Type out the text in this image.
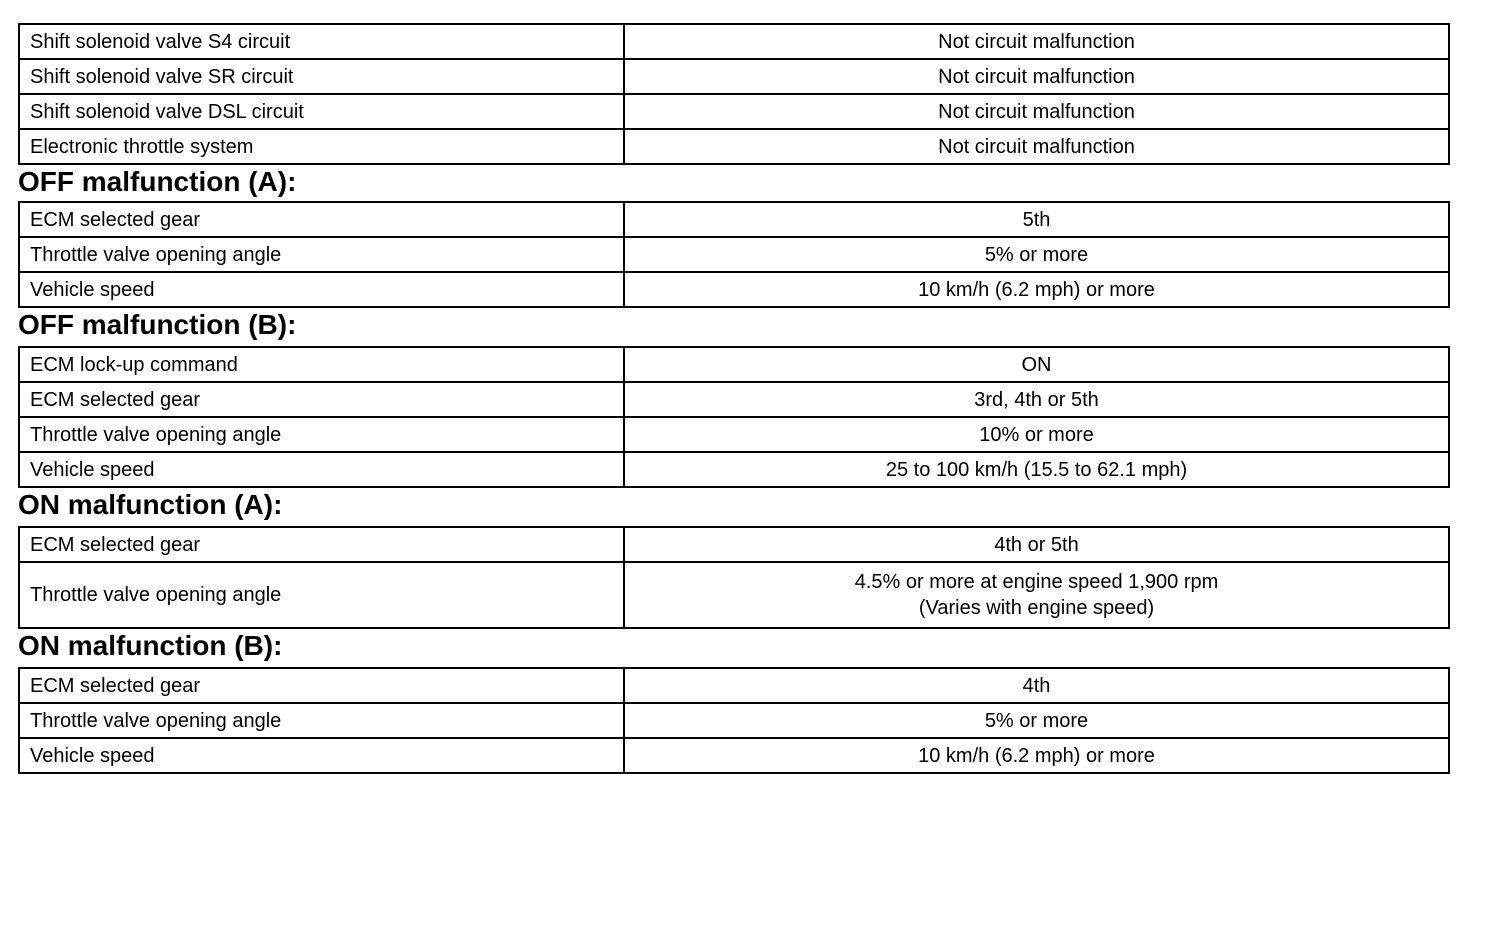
Shift solenoid valve S4 circuit	Not circuit malfunction
Shift solenoid valve SR circuit	Not circuit malfunction
Shift solenoid valve DSL circuit	Not circuit malfunction
Electronic throttle system	Not circuit malfunction
OFF malfunction (A):
ECM selected gear	5th
Throttle valve opening angle	5% or more
Vehicle speed	10 km/h (6.2 mph) or more
OFF malfunction (B):
ECM lock-up command	ON
ECM selected gear	3rd, 4th or 5th
Throttle valve opening angle	10% or more
Vehicle speed	25 to 100 km/h (15.5 to 62.1 mph)
ON malfunction (A):
ECM selected gear	4th or 5th
Throttle valve opening angle	4.5% or more at engine speed 1,900 rpm
(Varies with engine speed)
ON malfunction (B):
ECM selected gear	4th
Throttle valve opening angle	5% or more
Vehicle speed	10 km/h (6.2 mph) or more
